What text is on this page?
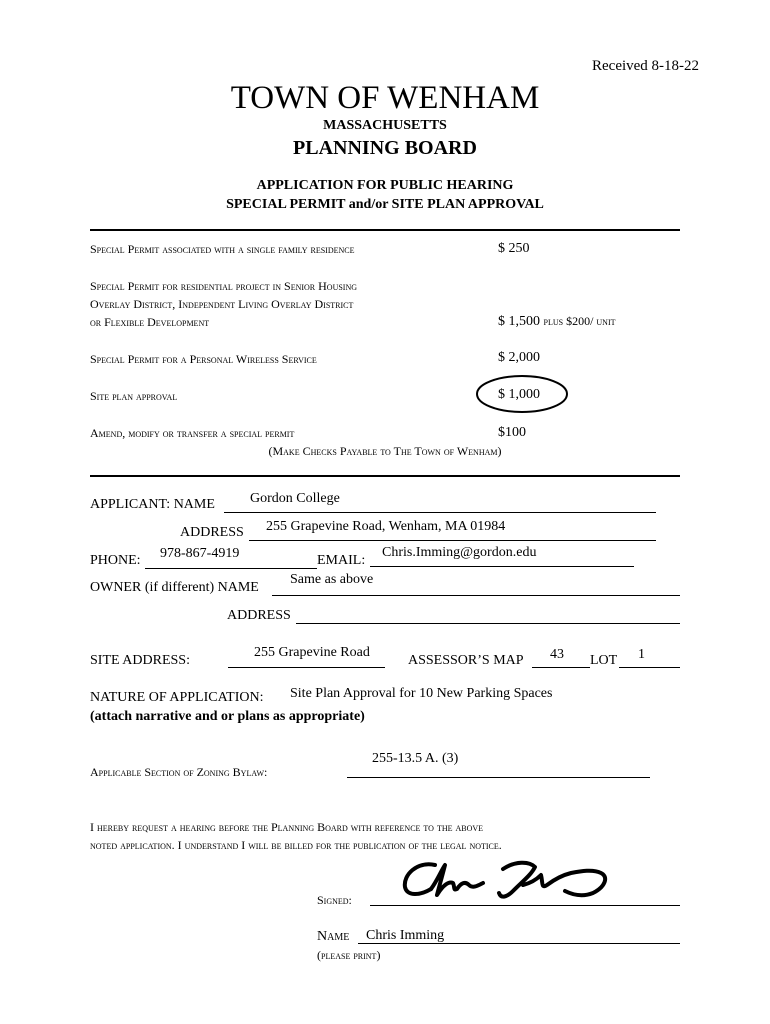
Received 8-18-22
TOWN OF WENHAM
MASSACHUSETTS
PLANNING BOARD
APPLICATION FOR PUBLIC HEARING
SPECIAL PERMIT and/or SITE PLAN APPROVAL
Special Permit associated with a single family residence	$ 250
Special Permit for residential project in Senior Housing
Overlay District, Independent Living Overlay District
or Flexible Development	$ 1,500 plus $200/ unit
Special Permit for a Personal Wireless Service	$ 2,000
Site plan approval	$ 1,000
Amend, modify or transfer a special permit	$100
(Make Checks Payable to The Town of Wenham)
APPLICANT: NAME	Gordon College
ADDRESS 255 Grapevine Road, Wenham, MA 01984
PHONE: 978-867-4919	EMAIL:
Chris.Imming@gordon.edu
OWNER (if different) NAME
Same as above
ADDRESS
SITE ADDRESS:
255 Grapevine Road
ASSESSOR’S MAP 43 LOT 1
NATURE OF APPLICATION: Site Plan Approval for 10 New Parking Spaces
(attach narrative and or plans as appropriate)
Applicable Section of Zoning Bylaw:
255-13.5 A. (3)
I hereby request a hearing before the Planning Board with reference to the above
noted application. I understand I will be billed for the publication of the legal notice.
Signed:
Name Chris Imming
(please print)
